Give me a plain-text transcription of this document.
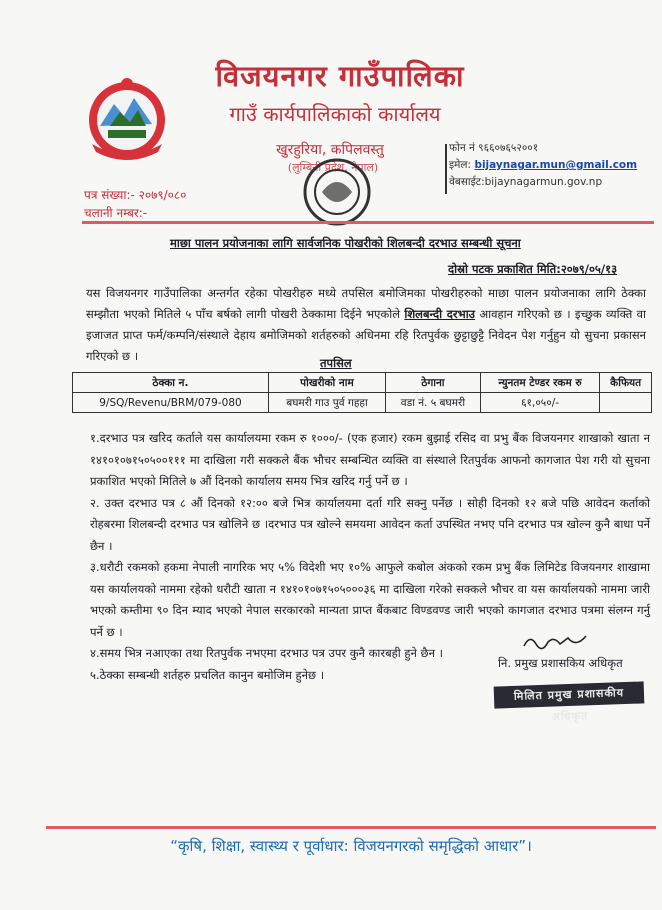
विजयनगर गाउँपालिका
गाउँ कार्यपालिकाको कार्यालय
खुरहुरिया, कपिलवस्तु
(लुम्बिनी प्रदेश, नेपाल)
फोन नं ९६६०७६५२००१
इमेल: bijaynagar.mun@gmail.com
वेबसाईट:bijaynagarmun.gov.np
पत्र संख्या:- २०७९/०८०
चलानी नम्बर:-
माछा पालन प्रयोजनाका लागि सार्वजनिक पोखरीको शिलबन्दी दरभाउ सम्बन्धी सूचना
दोस्रो पटक प्रकाशित मिति:२०७९/०५/१३
यस विजयनगर गाउँपालिका अन्तर्गत रहेका पोखरीहरु मध्ये तपसिल बमोजिमका पोखरीहरुको माछा पालन प्रयोजनाका लागि ठेक्का सम्झौता भएको मितिले ५ पाँच बर्षको लागी पोखरी ठेक्कामा दिईने भएकोले शिलबन्दी दरभाउ आवहान गरिएको छ । इच्छुक व्यक्ति वा इजाजत प्राप्त फर्म/कम्पनि/संस्थाले देहाय बमोजिमको शर्तहरुको अधिनमा रहि रितपुर्वक छुट्टाछुट्टै निवेदन पेश गर्नुहुन यो सुचना प्रकासन गरिएको छ ।	तपसिल
ठेक्का न.	पोखरीको नाम	ठेगाना	न्युनतम टेण्डर रकम रु	कैफियत
9/SQ/Revenu/BRM/079-080	बघमरी गाउ पुर्व गहहा	वडा नं. ५ बघमरी	६१,०५०/-	

१.दरभाउ पत्र खरिद कर्ताले यस कार्यालयमा रकम रु १०००/- (एक हजार) रकम बुझाई रसिद वा प्रभु बैंक विजयनगर शाखाको खाता न १४१०१०७१५०५००१११ मा दाखिला गरी सक्कले बैंक भौचर सम्बन्धित व्यक्ति वा संस्थाले रितपुर्वक आफनो कागजात पेश गरी यो सुचना प्रकाशित भएको मितिले ७ औं दिनको कार्यालय समय भित्र खरिद गर्नु पर्ने छ ।

२. उक्त दरभाउ पत्र ८ औं दिनको १२:०० बजे भित्र कार्यालयमा दर्ता गरि सक्नु पर्नेछ । सोही दिनको १२ बजे पछि आवेदन कर्ताको रोहबरमा शिलबन्दी दरभाउ पत्र खोलिने छ ।दरभाउ पत्र खोल्ने समयमा आवेदन कर्ता उपस्थित नभए पनि दरभाउ पत्र खोल्न कुनै बाधा पर्ने छैन ।

३.धरौटी रकमको हकमा नेपाली नागरिक भए ५% विदेशी भए १०% आफुले कबोल अंकको रकम प्रभु बैंक लिमिटेड विजयनगर शाखामा यस कार्यालयको नाममा रहेको धरौटी खाता न १४१०१०७१५०५०००३६ मा दाखिला गरेको सक्कले भौचर वा यस कार्यालयको नाममा जारी भएको कम्तीमा ९० दिन म्याद भएको नेपाल सरकारको मान्यता प्राप्त बैंकबाट विण्डवण्ड जारी भएको कागजात दरभाउ पत्रमा संलग्न गर्नु पर्ने छ ।

४.समय भित्र नआएका तथा रितपुर्वक नभएमा दरभाउ पत्र उपर कुनै कारबही हुने छैन ।

५.ठेक्का सम्बन्धी शर्तहरु प्रचलित कानुन बमोजिम हुनेछ ।

नि. प्रमुख प्रशासकिय अधिकृत
मिलित प्रमुख प्रशासकीय अधिकृत
“कृषि, शिक्षा, स्वास्थ्य र पूर्वाधार: विजयनगरको समृद्धिको आधार”।
